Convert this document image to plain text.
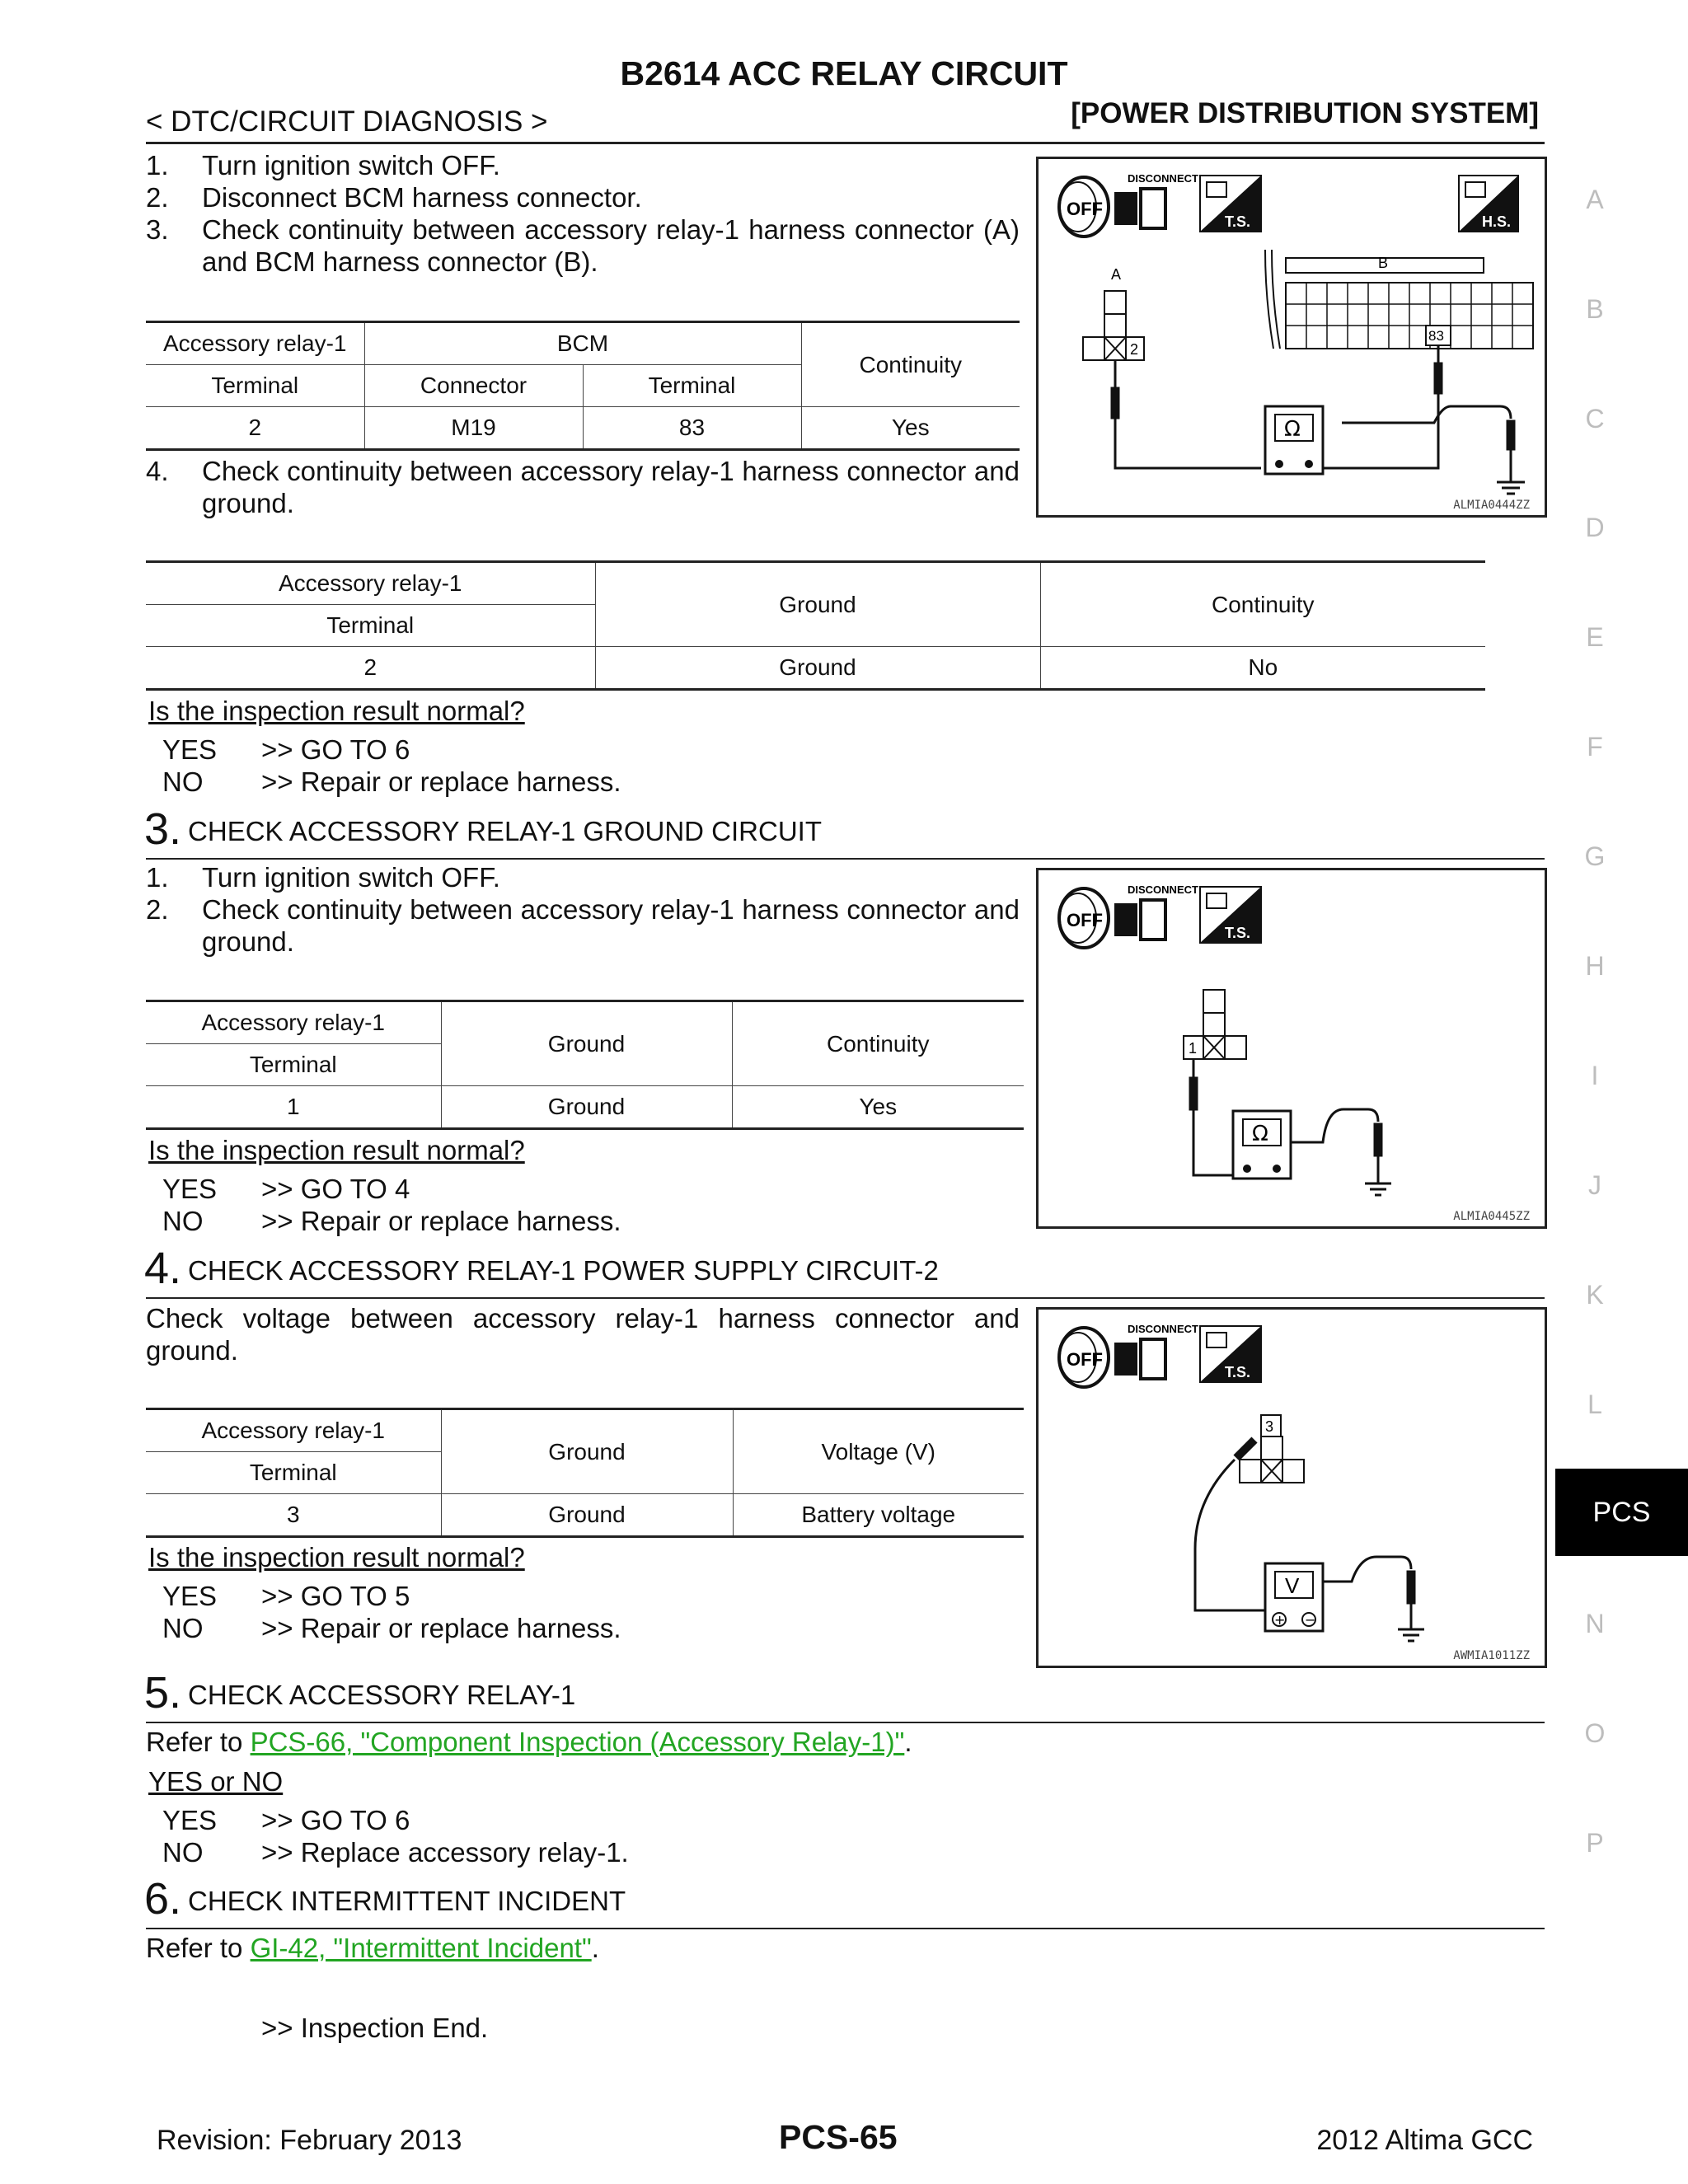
B2614 ACC RELAY CIRCUIT
< DTC/CIRCUIT DIAGNOSIS >	[POWER DISTRIBUTION SYSTEM]
1. Turn ignition switch OFF.
2. Disconnect BCM harness connector.
3. Check continuity between accessory relay-1 harness connector (A) and BCM harness connector (B).
Accessory relay-1	BCM		Continuity
Terminal	Connector	Terminal	
2	M19	83	Yes
4. Check continuity between accessory relay-1 harness connector and ground.
Accessory relay-1	Ground	Continuity
Terminal		
2	Ground	No
Is the inspection result normal?
YES >> GO TO 6
NO >> Repair or replace harness.
OFF
DISCONNECT
T.S.	H.S.
A
2
B
83
Ω
ALMIA0444ZZ
3. CHECK ACCESSORY RELAY-1 GROUND CIRCUIT
1. Turn ignition switch OFF.
2. Check continuity between accessory relay-1 harness connector and ground.
Accessory relay-1	Ground	Continuity
Terminal		
1	Ground	Yes
Is the inspection result normal?
YES >> GO TO 4
NO >> Repair or replace harness.
OFF
DISCONNECT
T.S.
1
Ω
ALMIA0445ZZ
4. CHECK ACCESSORY RELAY-1 POWER SUPPLY CIRCUIT-2
Check voltage between accessory relay-1 harness connector and ground.
Accessory relay-1	Ground	Voltage (V)
Terminal		
3	Ground	Battery voltage
Is the inspection result normal?
YES >> GO TO 5
NO >> Repair or replace harness.
OFF
DISCONNECT
T.S.
3
V
+ −
AWMIA1011ZZ
5. CHECK ACCESSORY RELAY-1
Refer to PCS-66, "Component Inspection (Accessory Relay-1)".
YES or NO
YES >> GO TO 6
NO >> Replace accessory relay-1.
6. CHECK INTERMITTENT INCIDENT
Refer to GI-42, "Intermittent Incident".
>> Inspection End.
A
B
C
D
E
F
G
H
I
J
K
L
PCS
N
O
P
Revision: February 2013	PCS-65	2012 Altima GCC
